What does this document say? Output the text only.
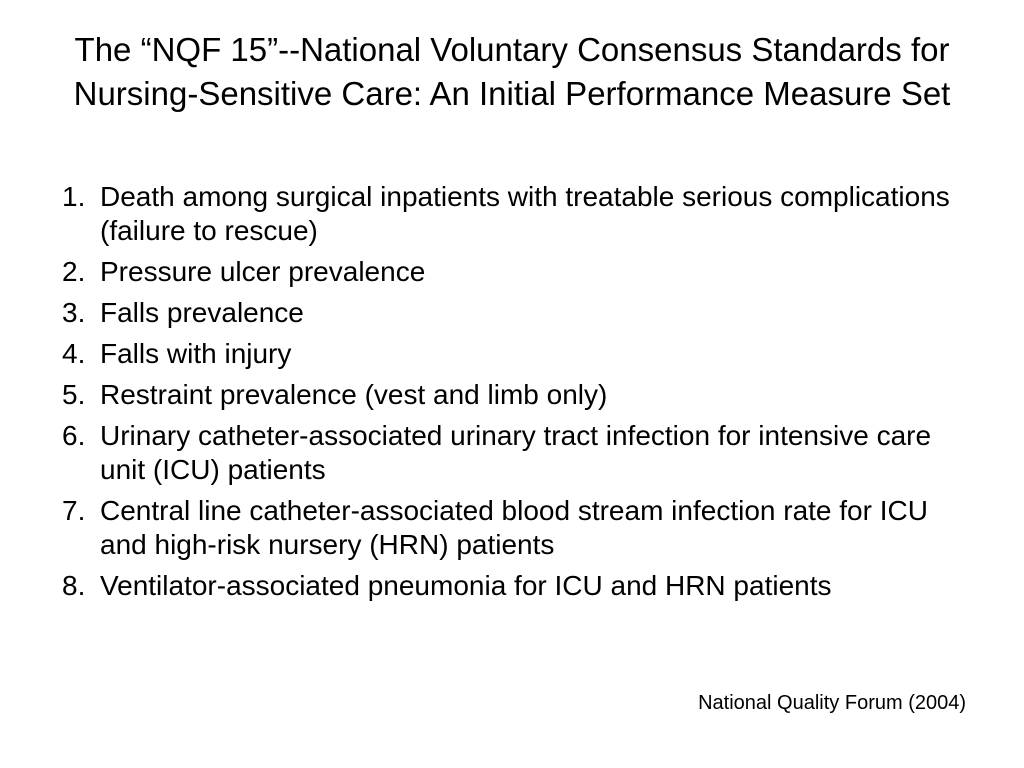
The “NQF 15”--National Voluntary Consensus Standards for Nursing-Sensitive Care: An Initial Performance Measure Set
1. Death among surgical inpatients with treatable serious complications (failure to rescue)
2. Pressure ulcer prevalence
3. Falls prevalence
4. Falls with injury
5. Restraint prevalence (vest and limb only)
6. Urinary catheter-associated urinary tract infection for intensive care unit (ICU) patients
7. Central line catheter-associated blood stream infection rate for ICU and high-risk nursery (HRN) patients
8. Ventilator-associated pneumonia for ICU and HRN patients
National Quality Forum (2004)
